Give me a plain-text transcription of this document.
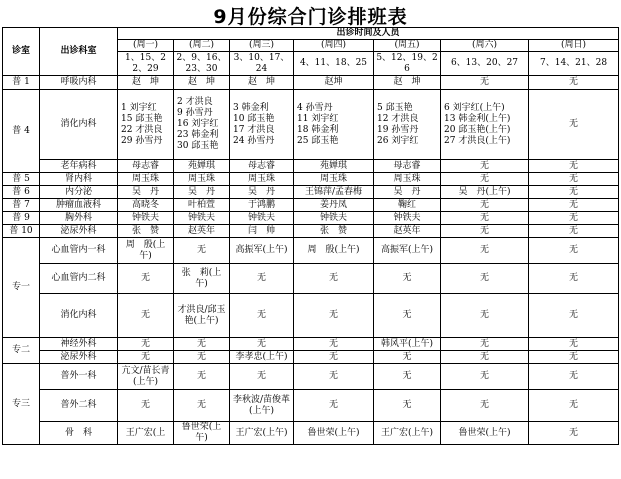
9月份综合门诊排班表
诊室	出诊科室	出诊时间及人员						
		(周一)	(周二)	(周三)	(周四)	(周五)	(周六)	(周日)
		1、15、22、29	2、9、16、23、30	3、10、17、24	4、11、18、25	5、12、19、26	6、13、20、27	7、14、21、28
普 1	呼吸内科	赵　坤	赵　坤	赵　坤	赵坤	赵　坤	无	无
普 4	消化内科	1 刘宇红
15 邱玉艳
22 才洪良
29 孙雪丹	2 才洪良
9 孙雪丹
16 刘宇红
23 韩金利
30 邱玉艳	3 韩金利
10 邱玉艳
17 才洪良
24 孙雪丹	4 孙雪丹
11 刘宇红
18 韩金利
25 邱玉艳	5 邱玉艳
12 才洪良
19 孙雪丹
26 刘宇红	6 刘宇红(上午)
13 韩金利(上午)
20 邱玉艳(上午)
27 才洪良(上午)	无
	老年病科	母志睿	苑婵琪	母志睿	苑婵琪	母志睿	无	无
普 5	肾内科	周玉珠	周玉珠	周玉珠	周玉珠	周玉珠	无	无
普 6	内分泌	吴　丹	吴　丹	吴　丹	王锦萍/孟春梅	吴　丹	吴　丹(上午)	无
普 7	肿瘤血液科	高晓冬	叶柏萱	于鸿鹏	姜丹凤	鞠红	无	无
普 9	胸外科	钟铁夫	钟铁夫	钟铁夫	钟铁夫	钟铁夫	无	无
普 10	泌尿外科	张　赞	赵英年	闫　帅	张　赞	赵英年	无	无
专一	心血管内一科	周　殷(上午)	无	高振军(上午)	周　殷(上午)	高振军(上午)	无	无
	心血管内二科	无	张　莉(上午)	无	无	无	无	无
	消化内科	无	才洪良/邱玉艳(上午)	无	无	无	无	无
专二	神经外科	无	无	无	无	韩风平(上午)	无	无
	泌尿外科	无	无	李孝忠(上午)	无	无	无	无
专三	普外一科	亢文/苗长青(上午)	无	无	无	无	无	无
	普外二科	无	无	李秋波/苗俊革(上午)	无	无	无	无
	骨　科	王广宏(上	鲁世荣(上午)	王广宏(上午)	鲁世荣(上午)	王广宏(上午)	鲁世荣(上午)	无
